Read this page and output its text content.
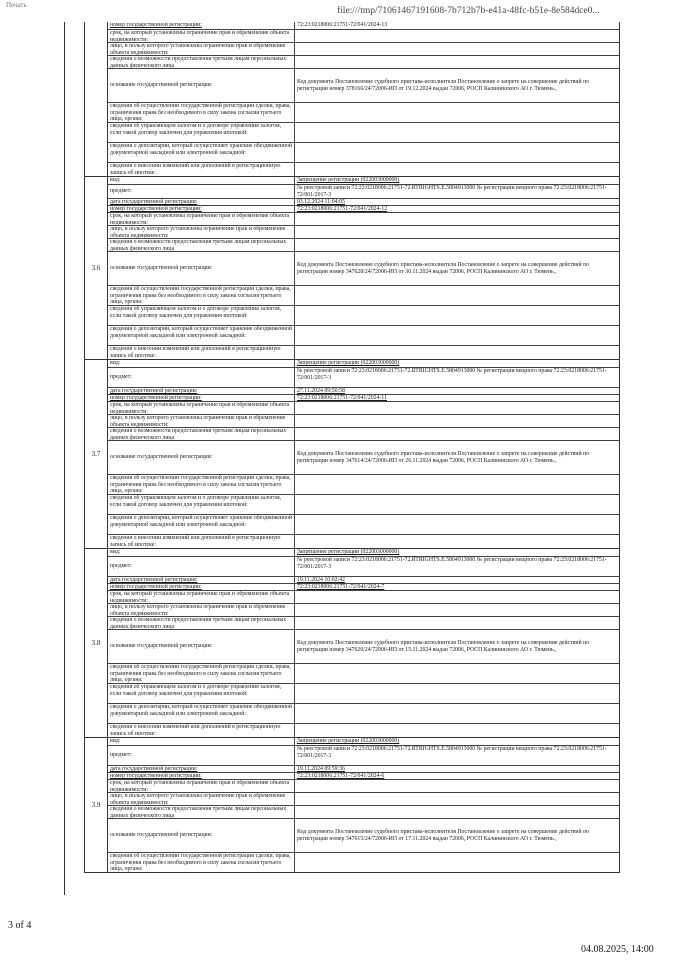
Печать
file:///tmp/71061467191608-7b712b7b-e41a-48fc-b51e-8e584dce0...
номер государственной регистрации:	72:23:0218006:21751-72/041/2024-13
срок, на который установлены ограничение прав и обременение объекта недвижимости:
лицо, в пользу которого установлены ограничение прав и обременение объекта недвижимости:
сведения о возможности предоставления третьим лицам персональных данных физического лица
основание государственной регистрации:
Код документа Постановление судебного пристава-исполнителя Постановление о запрете на совершение действий по регистрации номер 378166/24/72006-ИП от 19.12.2024 выдан 72006, РОСП Калининского АО г. Тюмень.,
сведения об осуществлении государственной регистрации сделки, права, ограничения права без необходимого в силу закона согласия третьего лица, органа:
сведения об управляющем залогом и о договоре управления залогом, если такой договор заключен для управления ипотекой:
сведения о депозитарии, который осуществляет хранение обездвиженной документарной закладной или электронной закладной:
сведения о внесении изменений или дополнений в регистрационную запись об ипотеке:
3.6
вид:	Запрещение регистрации (022003000000)
предмет:
№ реестровой записи 72:23:0218006:21751-72.RTRIGHTS.E.5804913000 № регистрации вещного права 72:23:0218006:21751-72/001/2017-3
дата государственной регистрации:	03.12.2024 11:04:05
номер государственной регистрации:	72:23:0218006:21751-72/041/2024-12
срок, на который установлены ограничение прав и обременение объекта недвижимости:
лицо, в пользу которого установлены ограничение прав и обременение объекта недвижимости:
сведения о возможности предоставления третьим лицам персональных данных физического лица
основание государственной регистрации:
Код документа Постановление судебного пристава-исполнителя Постановление о запрете на совершение действий по регистрации номер 347628/24/72006-ИП от 30.11.2024 выдан 72006, РОСП Калининского АО г. Тюмень.,
сведения об осуществлении государственной регистрации сделки, права, ограничения права без необходимого в силу закона согласия третьего лица, органа:
сведения об управляющем залогом и о договоре управления залогом, если такой договор заключен для управления ипотекой:
сведения о депозитарии, который осуществляет хранение обездвиженной документарной закладной или электронной закладной:
сведения о внесении изменений или дополнений в регистрационную запись об ипотеке:
3.7
вид:	Запрещение регистрации (022003000000)
предмет:
№ реестровой записи 72:23:0218006:21751-72.RTRIGHTS.E.5804913000 № регистрации вещного права 72:23:0218006:21751-72/001/2017-3
дата государственной регистрации:	27.11.2024 09:50:58
номер государственной регистрации:	72:23:0218006:21751-72/041/2024-11
срок, на который установлены ограничение прав и обременение объекта недвижимости:
лицо, в пользу которого установлены ограничение прав и обременение объекта недвижимости:
сведения о возможности предоставления третьим лицам персональных данных физического лица
основание государственной регистрации:
Код документа Постановление судебного пристава-исполнителя Постановление о запрете на совершение действий по регистрации номер 347614/24/72006-ИП от 26.11.2024 выдан 72006, РОСП Калининского АО г. Тюмень.,
сведения об осуществлении государственной регистрации сделки, права, ограничения права без необходимого в силу закона согласия третьего лица, органа:
сведения об управляющем залогом и о договоре управления залогом, если такой договор заключен для управления ипотекой:
сведения о депозитарии, который осуществляет хранение обездвиженной документарной закладной или электронной закладной:
сведения о внесении изменений или дополнений в регистрационную запись об ипотеке:
3.8
вид:	Запрещение регистрации (022003000000)
предмет:
№ реестровой записи 72:23:0218006:21751-72.RTRIGHTS.E.5804913000 № регистрации вещного права 72:23:0218006:21751-72/001/2017-3
дата государственной регистрации:	19.11.2024 10:02:42
номер государственной регистрации:	72:23:0218006:21751-72/041/2024-7
срок, на который установлены ограничение прав и обременение объекта недвижимости:
лицо, в пользу которого установлены ограничение прав и обременение объекта недвижимости:
сведения о возможности предоставления третьим лицам персональных данных физического лица
основание государственной регистрации:
Код документа Постановление судебного пристава-исполнителя Постановление о запрете на совершение действий по регистрации номер 347620/24/72006-ИП от 15.11.2024 выдан 72006, РОСП Калининского АО г. Тюмень.,
сведения об осуществлении государственной регистрации сделки, права, ограничения права без необходимого в силу закона согласия третьего лица, органа:
сведения об управляющем залогом и о договоре управления залогом, если такой договор заключен для управления ипотекой:
сведения о депозитарии, который осуществляет хранение обездвиженной документарной закладной или электронной закладной:
сведения о внесении изменений или дополнений в регистрационную запись об ипотеке:
3.9
вид:	Запрещение регистрации (022003000000)
предмет:
№ реестровой записи 72:23:0218006:21751-72.RTRIGHTS.E.5804913000 № регистрации вещного права 72:23:0218006:21751-72/001/2017-3
дата государственной регистрации:	19.11.2024 09:59:36
номер государственной регистрации:	72:23:0218006:21751-72/041/2024-6
срок, на который установлены ограничение прав и обременение объекта недвижимости:
лицо, в пользу которого установлены ограничение прав и обременение объекта недвижимости:
сведения о возможности предоставления третьим лицам персональных данных физического лица
основание государственной регистрации:
Код документа Постановление судебного пристава-исполнителя Постановление о запрете на совершение действий по регистрации номер 347615/24/72006-ИП от 17.11.2024 выдан 72006, РОСП Калининского АО г. Тюмень.,
сведения об осуществлении государственной регистрации сделки, права, ограничения права без необходимого в силу закона согласия третьего лица, органа:
3 of 4
04.08.2025, 14:00
